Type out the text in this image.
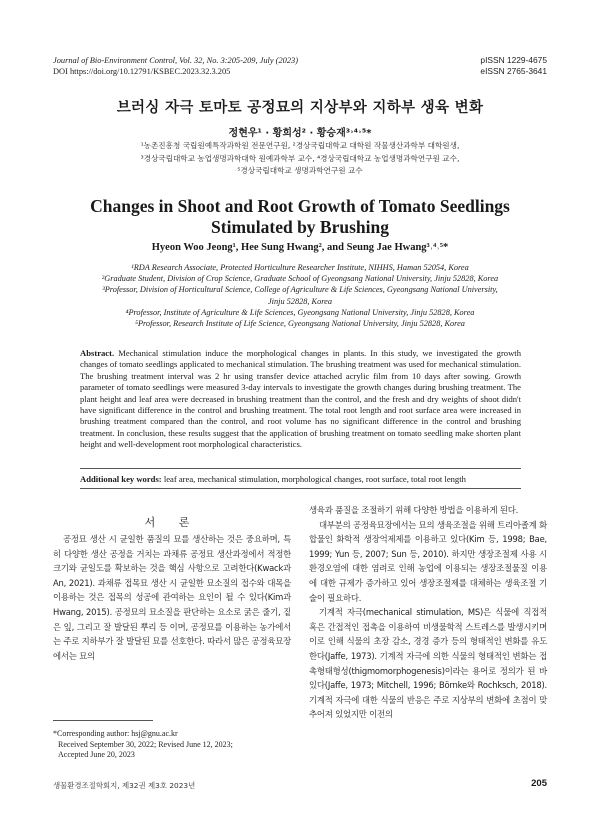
Journal of Bio-Environment Control, Vol. 32, No. 3:205-209, July (2023)
DOI https://doi.org/10.12791/KSBEC.2023.32.3.205
pISSN 1229-4675
eISSN 2765-3641
브러싱 자극 토마토 공정묘의 지상부와 지하부 생육 변화
정현우¹ · 황희성² · 황승재³˒⁴˒⁵*
¹농촌진흥청 국립원예특작과학원 전문연구원, ²경상국립대학교 대학원 작물생산과학부 대학원생,
³경상국립대학교 농업생명과학대학 원예과학부 교수, ⁴경상국립대학교 농업생명과학연구원 교수,
⁵경상국립대학교 생명과학연구원 교수
Changes in Shoot and Root Growth of Tomato Seedlings
Stimulated by Brushing
Hyeon Woo Jeong¹, Hee Sung Hwang², and Seung Jae Hwang³˒⁴˒⁵*
¹RDA Research Associate, Protected Horticulture Researcher Institute, NIHHS, Haman 52054, Korea
²Graduate Student, Division of Crop Science, Graduate School of Gyeongsang National University, Jinju 52828, Korea
³Professor, Division of Horticultural Science, College of Agriculture & Life Sciences, Gyeongsang National University,
Jinju 52828, Korea
⁴Professor, Institute of Agriculture & Life Sciences, Gyeongsang National University, Jinju 52828, Korea
⁵Professor, Research Institute of Life Science, Gyeongsang National University, Jinju 52828, Korea
Abstract. Mechanical stimulation induce the morphological changes in plants. In this study, we investigated the growth changes of tomato seedlings applicated to mechanical stimulation. The brushing treatment was used for mechanical stimulation. The brushing treatment interval was 2 hr using transfer device attached acrylic film from 10 days after sowing. Growth parameter of tomato seedlings were measured 3-day intervals to investigate the growth changes during brushing treatment. The plant height and leaf area were decreased in brushing treatment than the control, and the fresh and dry weights of shoot didn't have significant difference in the control and brushing treatment. The total root length and root surface area were increased in brushing treatment compared than the control, and root volume has no significant difference in the control and brushing treatment. In conclusion, these results suggest that the application of brushing treatment on tomato seedling make shorten plant height and well-development root morphological characteristics.
Additional key words: leaf area, mechanical stimulation, morphological changes, root surface, total root length
서 론

공정묘 생산 시 균일한 품질의 묘를 생산하는 것은 중요하며, 특히 다양한 생산 공정을 거치는 과채류 공정묘 생산과정에서 적정한 크기와 균일도를 확보하는 것을 핵심 사항으로 고려한다(Kwack과 An, 2021). 과채류 접목묘 생산 시 균일한 묘소질의 접수와 대목을 이용하는 것은 접목의 성공에 관여하는 요인이 될 수 있다(Kim과 Hwang, 2015). 공정묘의 묘소질을 판단하는 요소로 굵은 줄기, 짙은 잎, 그리고 잘 발달된 뿌리 등 이며, 공정묘를 이용하는 농가에서는 주로 지하부가 잘 발달된 묘를 선호한다. 따라서 많은 공정육묘장에서는 묘의

*Corresponding author: hsj@gnu.ac.kr
Received September 30, 2022; Revised June 12, 2023;
Accepted June 20, 2023
생육과 품질을 조절하기 위해 다양한 방법을 이용하게 된다.

대부분의 공정육묘장에서는 묘의 생육조절을 위해 트리아졸계 화합물인 화학적 생장억제제를 이용하고 있다(Kim 등, 1998; Bae, 1999; Yun 등, 2007; Sun 등, 2010). 하지만 생장조절제 사용 시 환경오염에 대한 염려로 인해 농업에 이용되는 생장조절물질 이용에 대한 규제가 증가하고 있어 생장조절제를 대체하는 생육조절 기술이 필요하다.

기계적 자극(mechanical stimulation, MS)은 식물에 직접적 혹은 간접적인 접촉을 이용하여 비생물학적 스트레스를 발생시키며 이로 인해 식물의 초장 감소, 경경 증가 등의 형태적인 변화를 유도한다(Jaffe, 1973). 기계적 자극에 의한 식물의 형태적인 변화는 접촉형태형성(thigmomorphogenesis)이라는 용어로 정의가 된 바 있다(Jaffe, 1973; Mitchell, 1996; Börnke와 Rochksch, 2018). 기계적 자극에 대한 식물의 반응은 주로 지상부의 변화에 초점이 맞추어져 있었지만 이전의

생물환경조절학회지, 제32권 제3호 2023년	205
